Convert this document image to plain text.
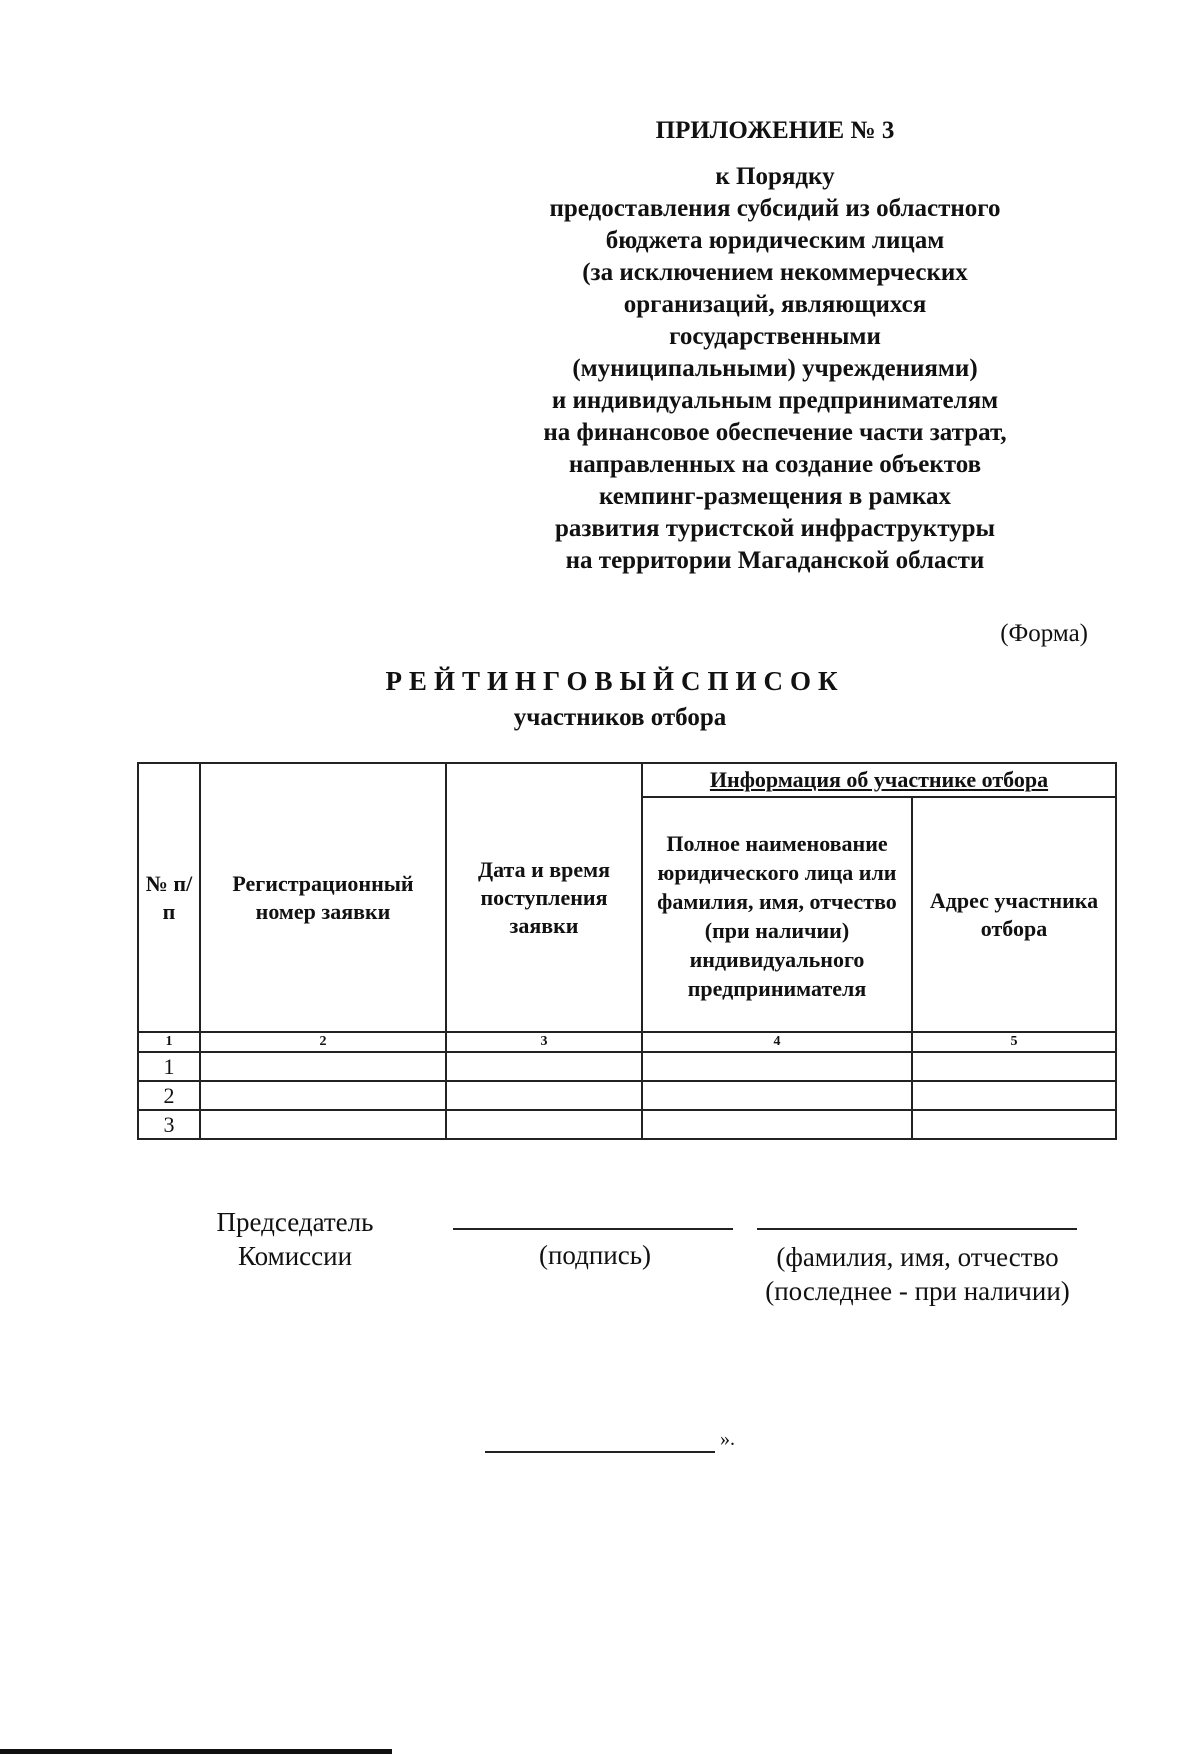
ПРИЛОЖЕНИЕ № 3
к Порядку
предоставления субсидий из областного
бюджета юридическим лицам
(за исключением некоммерческих
организаций, являющихся
государственными
(муниципальными) учреждениями)
и индивидуальным предпринимателям
на финансовое обеспечение части затрат,
направленных на создание объектов
кемпинг-размещения в рамках
развития туристской инфраструктуры
на территории Магаданской области
(Форма)
РЕЙТИНГОВЫЙСПИСОК
участников отбора
№ п/п	Регистрационный номер заявки	Дата и время поступления заявки	Информация об участнике отбора	
			Полное наименование юридического лица или фамилия, имя, отчество (при наличии) индивидуального предпринимателя	Адрес участника отбора
1	2	3	4	5
1				
2				
3				
Председатель Комиссии	(подпись)	(фамилия, имя, отчество (последнее - при наличии)
».
